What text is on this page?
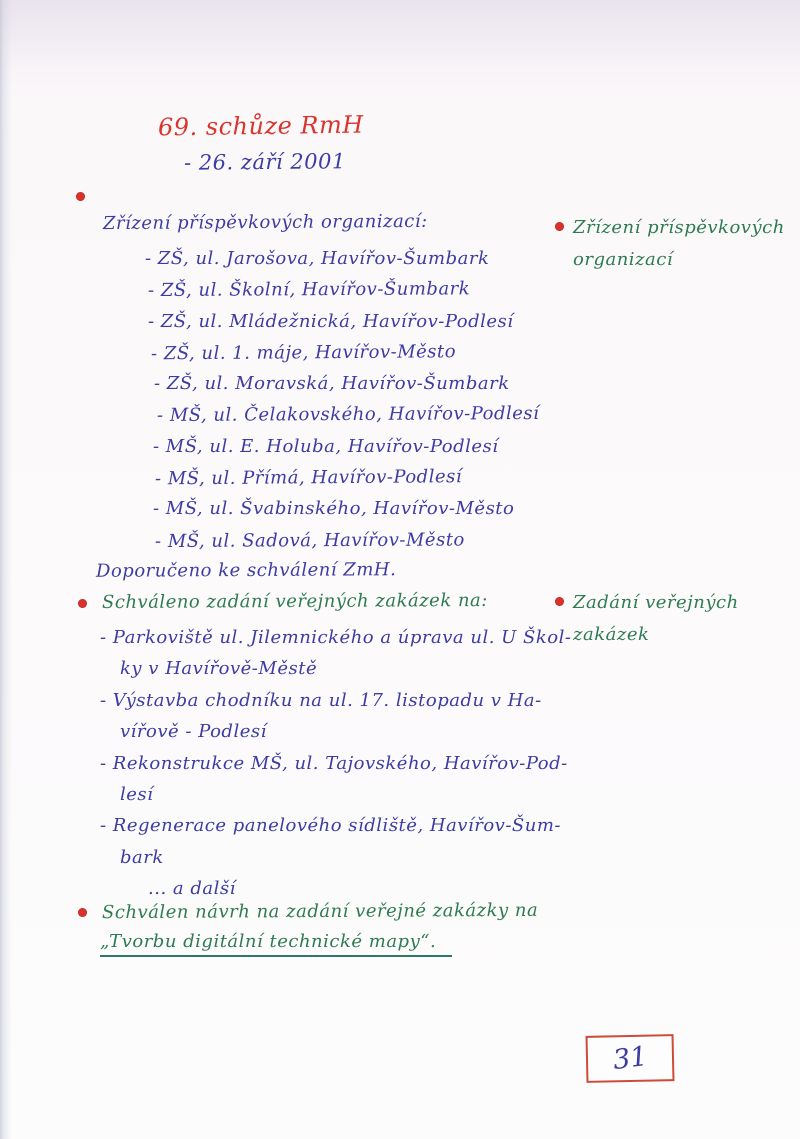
69. schůze RmH
- 26. září 2001
Zřízení příspěvkových organizací:
- ZŠ, ul. Jarošova, Havířov-Šumbark
- ZŠ, ul. Školní, Havířov-Šumbark
- ZŠ, ul. Mládežnická, Havířov-Podlesí
- ZŠ, ul. 1. máje, Havířov-Město
- ZŠ, ul. Moravská, Havířov-Šumbark
- MŠ, ul. Čelakovského, Havířov-Podlesí
- MŠ, ul. E. Holuba, Havířov-Podlesí
- MŠ, ul. Přímá, Havířov-Podlesí
- MŠ, ul. Švabinského, Havířov-Město
- MŠ, ul. Sadová, Havířov-Město
Doporučeno ke schválení ZmH.
Schváleno zadání veřejných zakázek na:
- Parkoviště ul. Jilemnického a úprava ul. U Škol-
ky v Havířově-Městě
- Výstavba chodníku na ul. 17. listopadu v Ha-
vířově - Podlesí
- Rekonstrukce MŠ, ul. Tajovského, Havířov-Pod-
lesí
- Regenerace panelového sídliště, Havířov-Šum-
bark
... a další
Schválen návrh na zadání veřejné zakázky na
„Tvorbu digitální technické mapy“.
Zřízení příspěvkových
organizací
Zadání veřejných
zakázek
31
